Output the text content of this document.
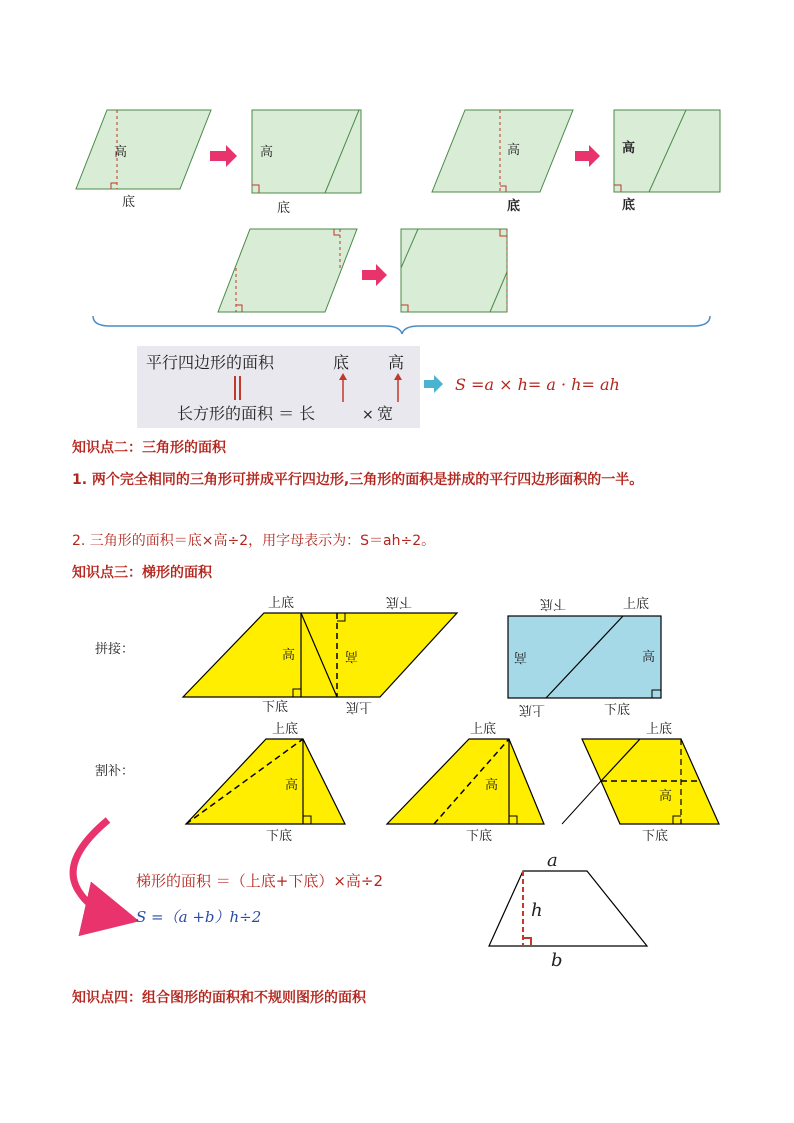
高
底
高
底
高
底
高
底
平行四边形的面积	底 高
长方形的面积 ＝ 长	× 宽
S =a × h= a · h= ah
知识点二：三角形的面积
1. 两个完全相同的三角形可拼成平行四边形,三角形的面积是拼成的平行四边形面积的一半。
2. 三角形的面积＝底×高÷2，用字母表示为：S＝ah÷2。
知识点三：梯形的面积
拼接：
上底
高
下底
下底
高
上底
上底
高
下底
下底
高
上底
割补：
上底
高
下底
上底
高
下底
上底
高
下底
梯形的面积 ＝（上底+下底）×高÷2
S =（a +b）h÷2
a
h
b
知识点四：组合图形的面积和不规则图形的面积
